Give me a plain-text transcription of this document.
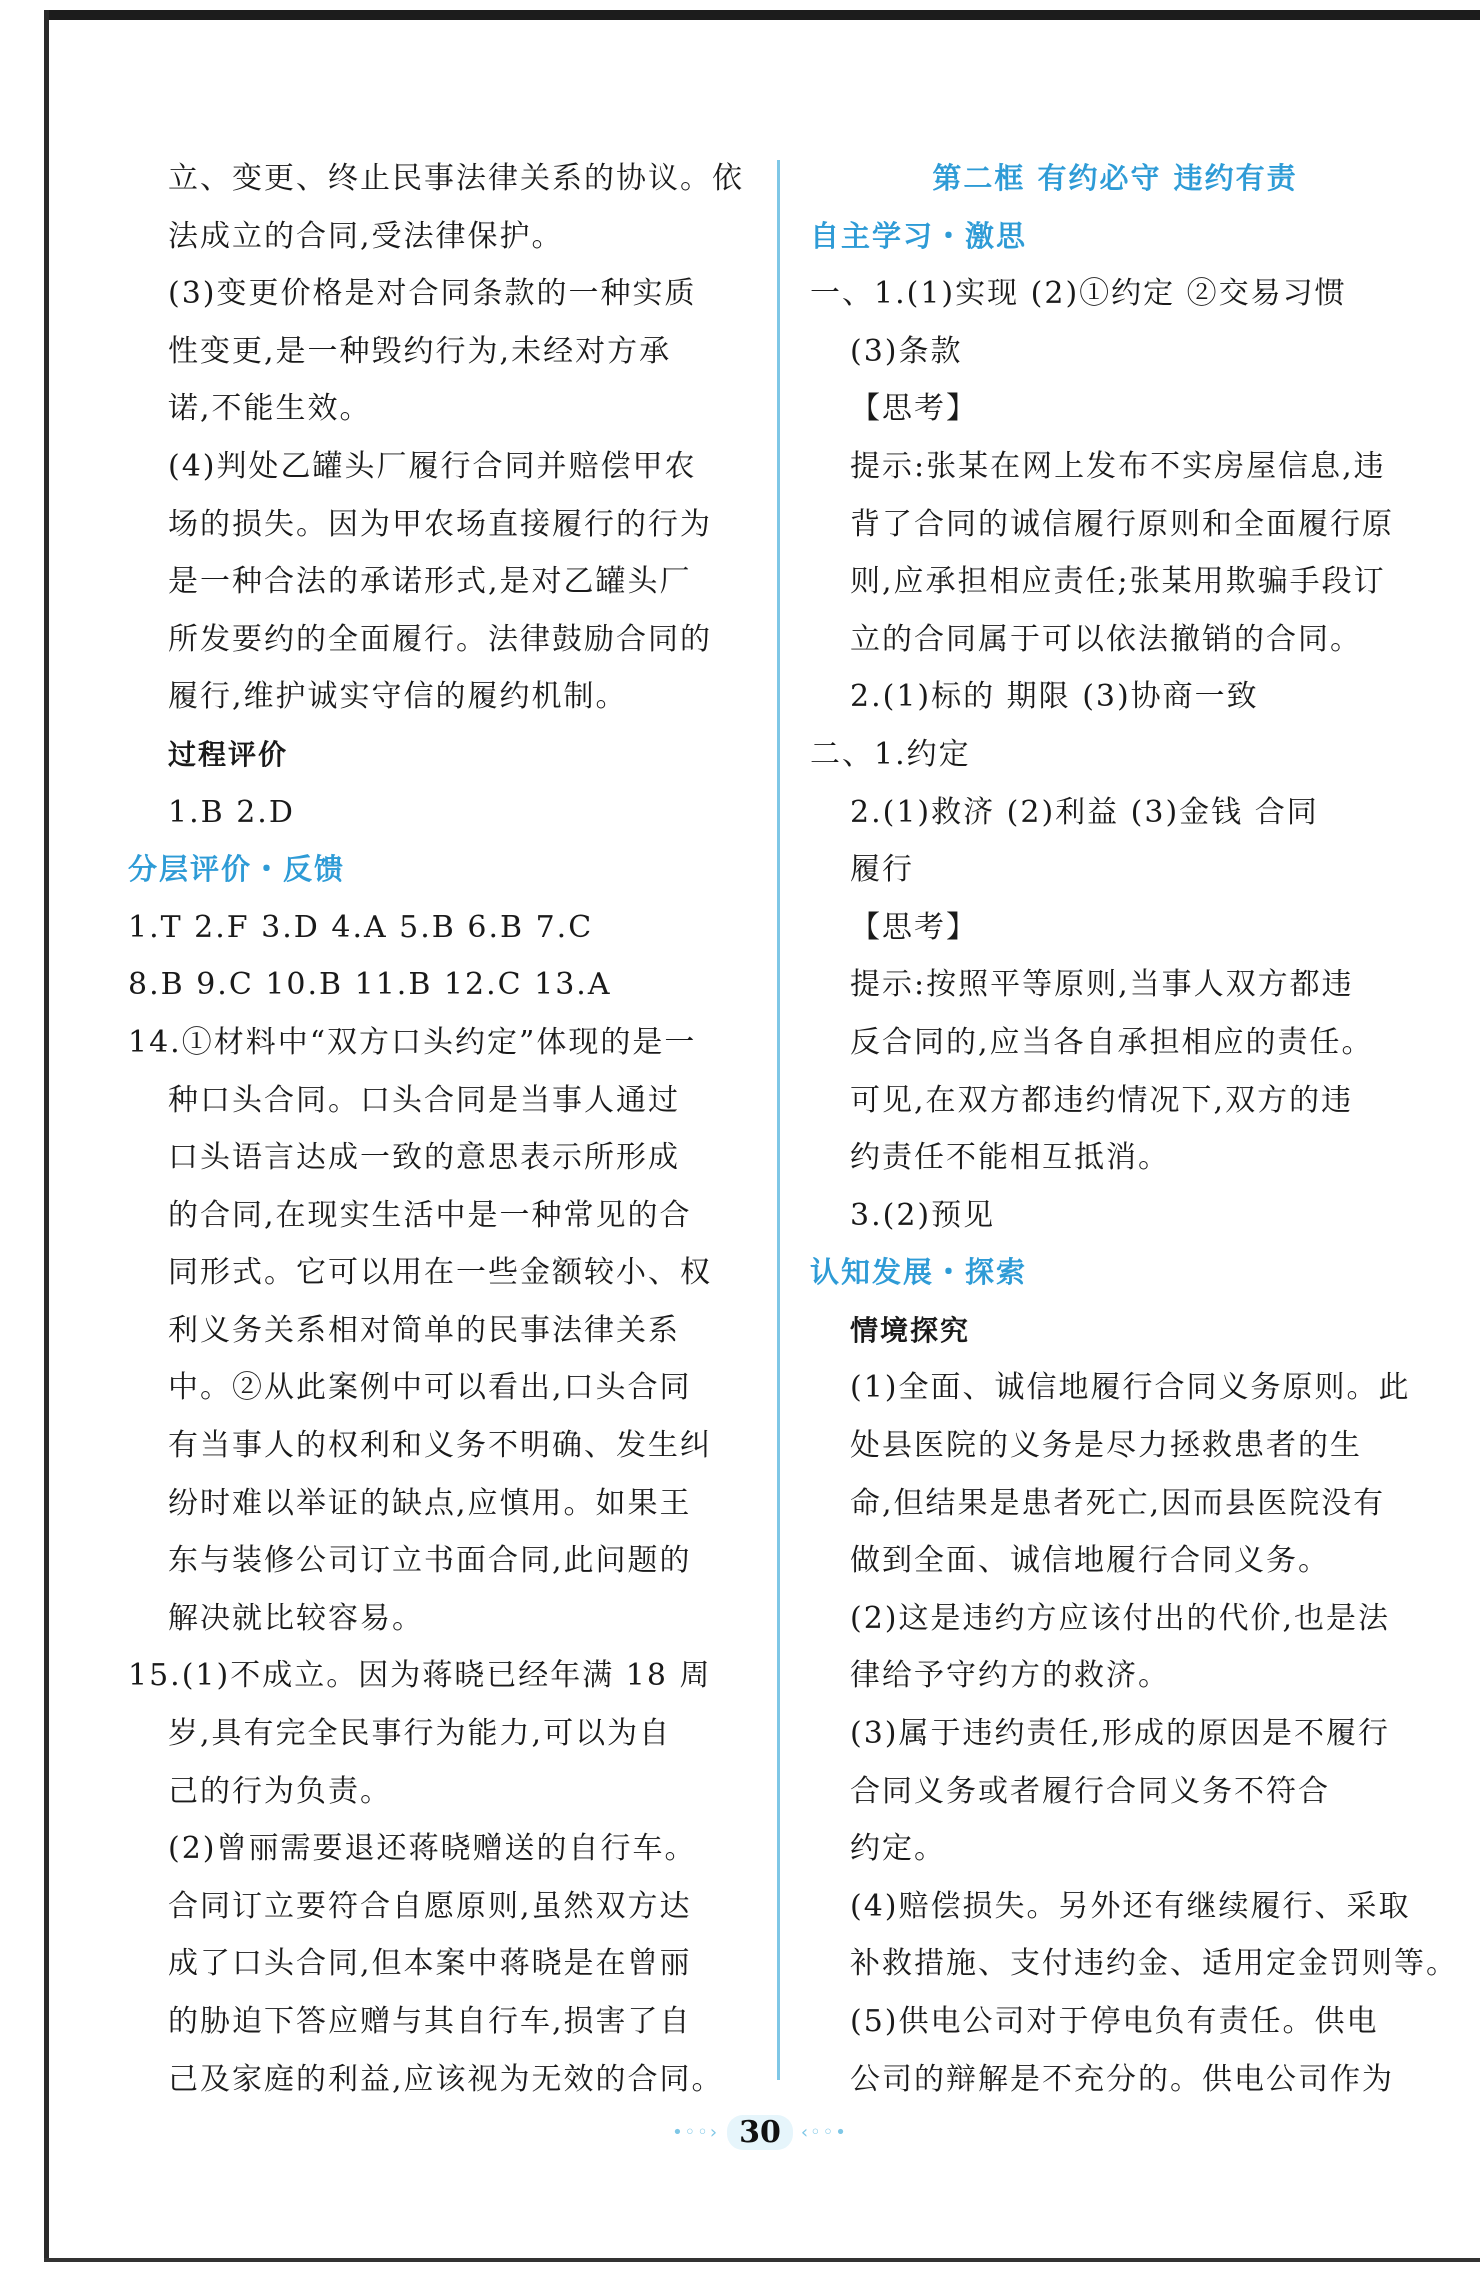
立、变更、终止民事法律关系的协议。依
法成立的合同,受法律保护。
(3)变更价格是对合同条款的一种实质
性变更,是一种毁约行为,未经对方承
诺,不能生效。
(4)判处乙罐头厂履行合同并赔偿甲农
场的损失。因为甲农场直接履行的行为
是一种合法的承诺形式,是对乙罐头厂
所发要约的全面履行。法律鼓励合同的
履行,维护诚实守信的履约机制。
过程评价
1.B 2.D
分层评价・反馈
1.T 2.F 3.D 4.A 5.B 6.B 7.C
8.B 9.C 10.B 11.B 12.C 13.A
14.①材料中“双方口头约定”体现的是一
种口头合同。口头合同是当事人通过
口头语言达成一致的意思表示所形成
的合同,在现实生活中是一种常见的合
同形式。它可以用在一些金额较小、权
利义务关系相对简单的民事法律关系
中。②从此案例中可以看出,口头合同
有当事人的权利和义务不明确、发生纠
纷时难以举证的缺点,应慎用。如果王
东与装修公司订立书面合同,此问题的
解决就比较容易。
15.(1)不成立。因为蒋晓已经年满 18 周
岁,具有完全民事行为能力,可以为自
己的行为负责。
(2)曾丽需要退还蒋晓赠送的自行车。
合同订立要符合自愿原则,虽然双方达
成了口头合同,但本案中蒋晓是在曾丽
的胁迫下答应赠与其自行车,损害了自
己及家庭的利益,应该视为无效的合同。
第二框 有约必守 违约有责
自主学习・激思
一、1.(1)实现 (2)①约定 ②交易习惯
(3)条款
【思考】
提示:张某在网上发布不实房屋信息,违
背了合同的诚信履行原则和全面履行原
则,应承担相应责任;张某用欺骗手段订
立的合同属于可以依法撤销的合同。
2.(1)标的 期限 (3)协商一致
二、1.约定
2.(1)救济 (2)利益 (3)金钱 合同
履行
【思考】
提示:按照平等原则,当事人双方都违
反合同的,应当各自承担相应的责任。
可见,在双方都违约情况下,双方的违
约责任不能相互抵消。
3.(2)预见
认知发展・探索
情境探究
(1)全面、诚信地履行合同义务原则。此
处县医院的义务是尽力拯救患者的生
命,但结果是患者死亡,因而县医院没有
做到全面、诚信地履行合同义务。
(2)这是违约方应该付出的代价,也是法
律给予守约方的救济。
(3)属于违约责任,形成的原因是不履行
合同义务或者履行合同义务不符合
约定。
(4)赔偿损失。另外还有继续履行、采取
补救措施、支付违约金、适用定金罚则等。
(5)供电公司对于停电负有责任。供电
公司的辩解是不充分的。供电公司作为
•◦◦› 30	‹◦◦•
